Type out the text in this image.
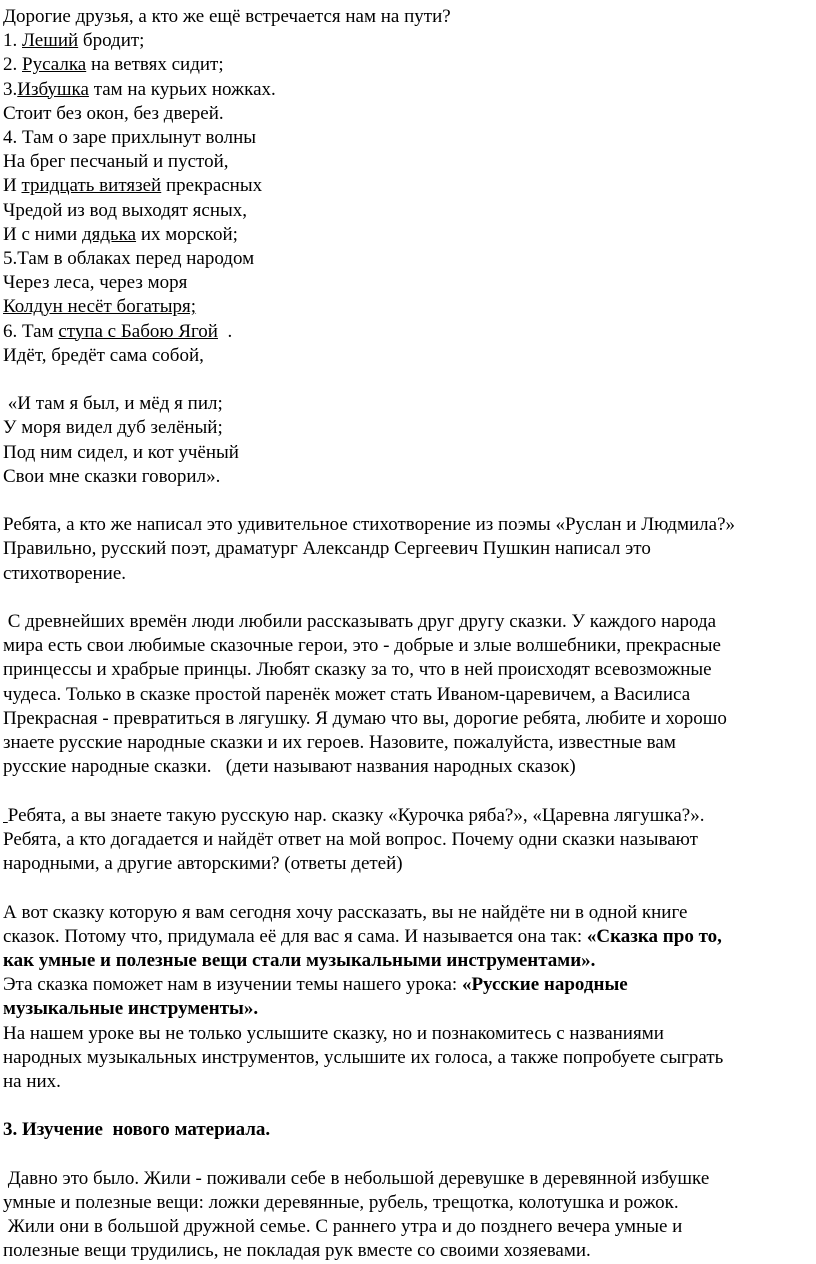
Дорогие друзья, а кто же ещё встречается нам на пути?
1. Леший бродит;
2. Русалка на ветвях сидит;
3.Избушка там на курьих ножках.
Стоит без окон, без дверей.
4. Там о заре прихлынут волны
На брег песчаный и пустой,
И тридцать витязей прекрасных
Чредой из вод выходят ясных,
И с ними дядька их морской;
5.Там в облаках перед народом
Через леса, через моря
Колдун несёт богатыря;
6. Там ступа с Бабою Ягой  .
Идёт, бредёт сама собой,

«И там я был, и мёд я пил;
У моря видел дуб зелёный;
Под ним сидел, и кот учёный
Свои мне сказки говорил».

Ребята, а кто же написал это удивительное стихотворение из поэмы «Руслан и Людмила?»
Правильно, русский поэт, драматург Александр Сергеевич Пушкин написал это
стихотворение.

С древнейших времён люди любили рассказывать друг другу сказки. У каждого народа
мира есть свои любимые сказочные герои, это - добрые и злые волшебники, прекрасные
принцессы и храбрые принцы. Любят сказку за то, что в ней происходят всевозможные
чудеса. Только в сказке простой паренёк может стать Иваном-царевичем, а Василиса
Прекрасная - превратиться в лягушку. Я думаю что вы, дорогие ребята, любите и хорошо
знаете русские народные сказки и их героев. Назовите, пожалуйста, известные вам
русские народные сказки.   (дети называют названия народных сказок)

Ребята, а вы знаете такую русскую нар. сказку «Курочка ряба?», «Царевна лягушка?».
Ребята, а кто догадается и найдёт ответ на мой вопрос. Почему одни сказки называют
народными, а другие авторскими? (ответы детей)

А вот сказку которую я вам сегодня хочу рассказать, вы не найдёте ни в одной книге
сказок. Потому что, придумала её для вас я сама. И называется она так: «Сказка про то,
как умные и полезные вещи стали музыкальными инструментами».
Эта сказка поможет нам в изучении темы нашего урока: «Русские народные
музыкальные инструменты».
На нашем уроке вы не только услышите сказку, но и познакомитесь с названиями
народных музыкальных инструментов, услышите их голоса, а также попробуете сыграть
на них.

3. Изучение  нового материала.

Давно это было. Жили - поживали себе в небольшой деревушке в деревянной избушке
умные и полезные вещи: ложки деревянные, рубель, трещотка, колотушка и рожок.
Жили они в большой дружной семье. С раннего утра и до позднего вечера умные и
полезные вещи трудились, не покладая рук вместе со своими хозяевами.
